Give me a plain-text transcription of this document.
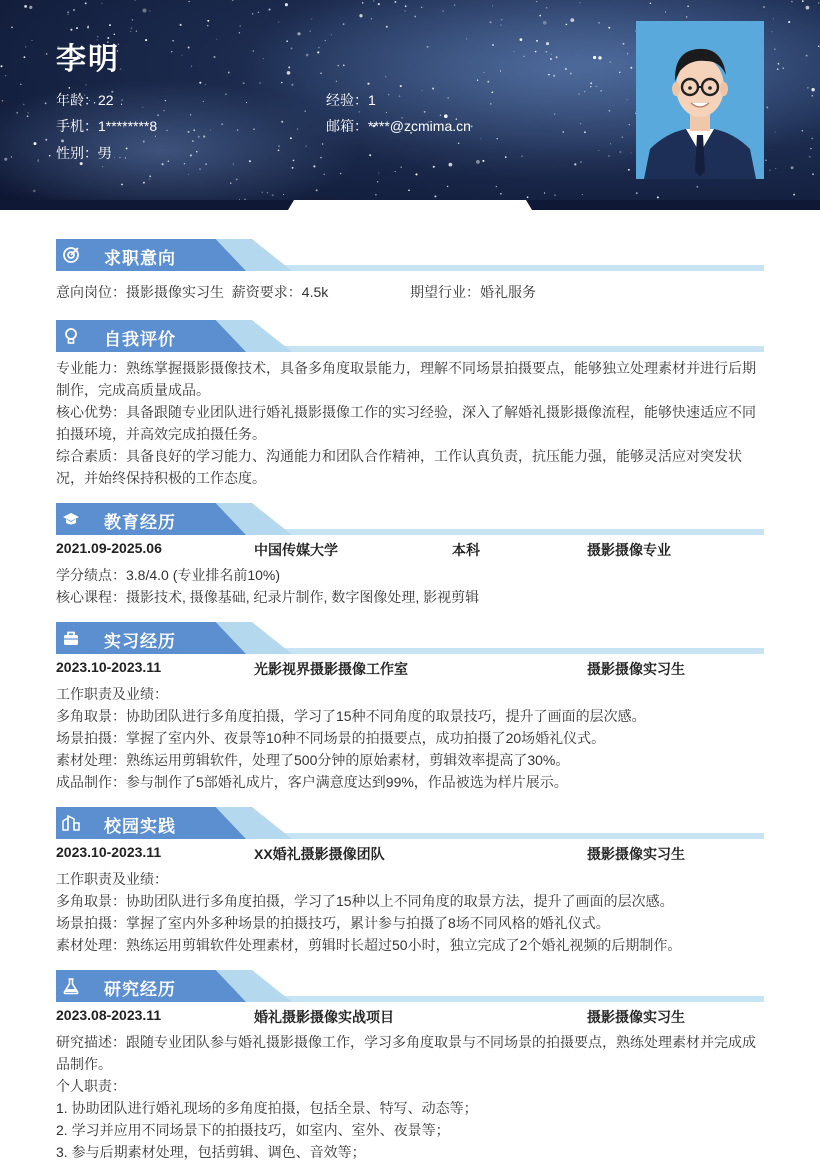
李明
年龄：22	经验：1
手机：1********8	邮箱：****@zcmima.cn
性别：男
求职意向
意向岗位：摄影摄像实习生 薪资要求：4.5k	期望行业：婚礼服务
自我评价
专业能力：熟练掌握摄影摄像技术，具备多角度取景能力，理解不同场景拍摄要点，能够独立处理素材并进行后期制作，完成高质量成品。
核心优势：具备跟随专业团队进行婚礼摄影摄像工作的实习经验，深入了解婚礼摄影摄像流程，能够快速适应不同拍摄环境，并高效完成拍摄任务。
综合素质：具备良好的学习能力、沟通能力和团队合作精神，工作认真负责，抗压能力强，能够灵活应对突发状况，并始终保持积极的工作态度。
教育经历
2021.09-2025.06	中国传媒大学	本科	摄影摄像专业
学分绩点：3.8/4.0 (专业排名前10%)
核心课程：摄影技术, 摄像基础, 纪录片制作, 数字图像处理, 影视剪辑
实习经历
2023.10-2023.11	光影视界摄影摄像工作室	摄影摄像实习生
工作职责及业绩：
多角取景：协助团队进行多角度拍摄，学习了15种不同角度的取景技巧，提升了画面的层次感。
场景拍摄：掌握了室内外、夜景等10种不同场景的拍摄要点，成功拍摄了20场婚礼仪式。
素材处理：熟练运用剪辑软件，处理了500分钟的原始素材，剪辑效率提高了30%。
成品制作：参与制作了5部婚礼成片，客户满意度达到99%，作品被选为样片展示。
校园实践
2023.10-2023.11	XX婚礼摄影摄像团队	摄影摄像实习生
工作职责及业绩：
多角取景：协助团队进行多角度拍摄，学习了15种以上不同角度的取景方法，提升了画面的层次感。
场景拍摄：掌握了室内外多种场景的拍摄技巧，累计参与拍摄了8场不同风格的婚礼仪式。
素材处理：熟练运用剪辑软件处理素材，剪辑时长超过50小时，独立完成了2个婚礼视频的后期制作。
研究经历
2023.08-2023.11	婚礼摄影摄像实战项目	摄影摄像实习生
研究描述：跟随专业团队参与婚礼摄影摄像工作，学习多角度取景与不同场景的拍摄要点，熟练处理素材并完成成品制作。
个人职责：
1. 协助团队进行婚礼现场的多角度拍摄，包括全景、特写、动态等；
2. 学习并应用不同场景下的拍摄技巧，如室内、室外、夜景等；
3. 参与后期素材处理，包括剪辑、调色、音效等；
